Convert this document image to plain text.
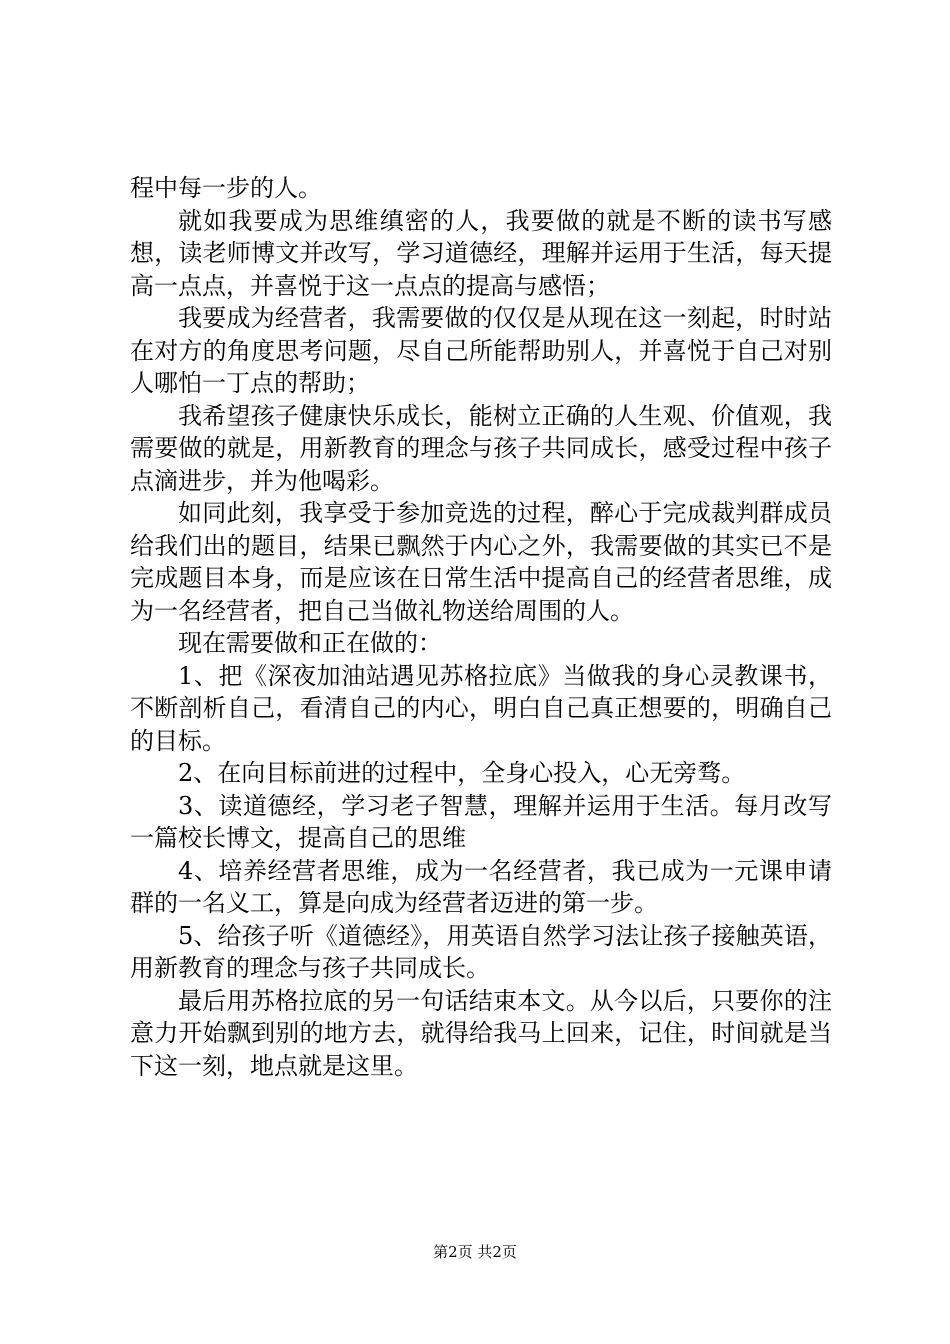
程中每一步的人。

就如我要成为思维缜密的人，我要做的就是不断的读书写感想，读老师博文并改写，学习道德经，理解并运用于生活，每天提高一点点，并喜悦于这一点点的提高与感悟；

我要成为经营者，我需要做的仅仅是从现在这一刻起，时时站在对方的角度思考问题，尽自己所能帮助别人，并喜悦于自己对别人哪怕一丁点的帮助；

我希望孩子健康快乐成长，能树立正确的人生观、价值观，我需要做的就是，用新教育的理念与孩子共同成长，感受过程中孩子点滴进步，并为他喝彩。

如同此刻，我享受于参加竞选的过程，醉心于完成裁判群成员给我们出的题目，结果已飘然于内心之外，我需要做的其实已不是完成题目本身，而是应该在日常生活中提高自己的经营者思维，成为一名经营者，把自己当做礼物送给周围的人。

现在需要做和正在做的：

1、把《深夜加油站遇见苏格拉底》当做我的身心灵教课书，不断剖析自己，看清自己的内心，明白自己真正想要的，明确自己的目标。

2、在向目标前进的过程中，全身心投入，心无旁骛。

3、读道德经，学习老子智慧，理解并运用于生活。每月改写一篇校长博文，提高自己的思维

4、培养经营者思维，成为一名经营者，我已成为一元课申请群的一名义工，算是向成为经营者迈进的第一步。

5、给孩子听《道德经》，用英语自然学习法让孩子接触英语，用新教育的理念与孩子共同成长。

最后用苏格拉底的另一句话结束本文。从今以后，只要你的注意力开始飘到别的地方去，就得给我马上回来，记住，时间就是当下这一刻，地点就是这里。

第2页 共2页
